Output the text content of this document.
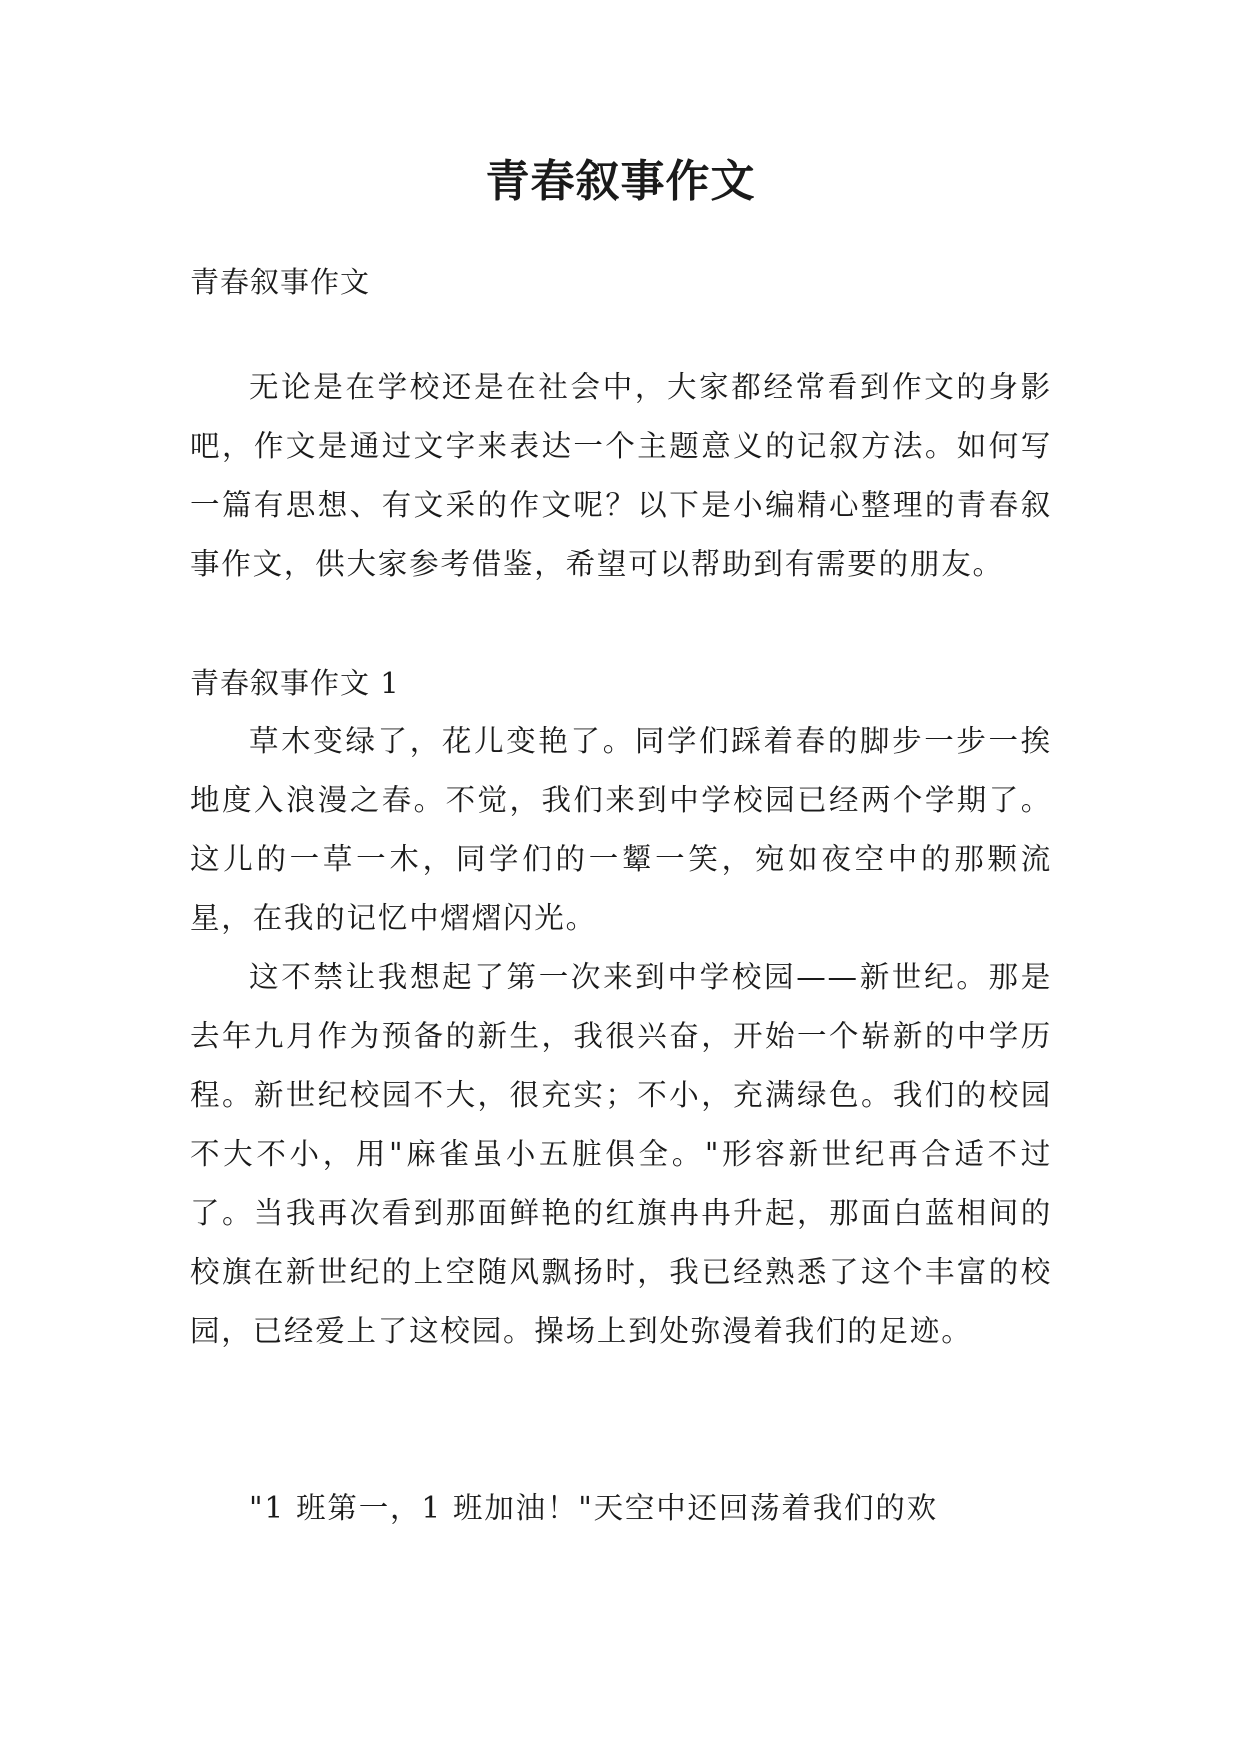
青春叙事作文

青春叙事作文

无论是在学校还是在社会中，大家都经常看到作文的身影吧，作文是通过文字来表达一个主题意义的记叙方法。如何写一篇有思想、有文采的作文呢？以下是小编精心整理的青春叙事作文，供大家参考借鉴，希望可以帮助到有需要的朋友。

青春叙事作文 1

草木变绿了，花儿变艳了。同学们踩着春的脚步一步一挨地度入浪漫之春。不觉，我们来到中学校园已经两个学期了。这儿的一草一木，同学们的一颦一笑，宛如夜空中的那颗流星，在我的记忆中熠熠闪光。

这不禁让我想起了第一次来到中学校园——新世纪。那是去年九月作为预备的新生，我很兴奋，开始一个崭新的中学历程。新世纪校园不大，很充实；不小，充满绿色。我们的校园不大不小，用"麻雀虽小五脏俱全。"形容新世纪再合适不过了。当我再次看到那面鲜艳的红旗冉冉升起，那面白蓝相间的校旗在新世纪的上空随风飘扬时，我已经熟悉了这个丰富的校园，已经爱上了这校园。操场上到处弥漫着我们的足迹。

"1 班第一，1 班加油！"天空中还回荡着我们的欢
